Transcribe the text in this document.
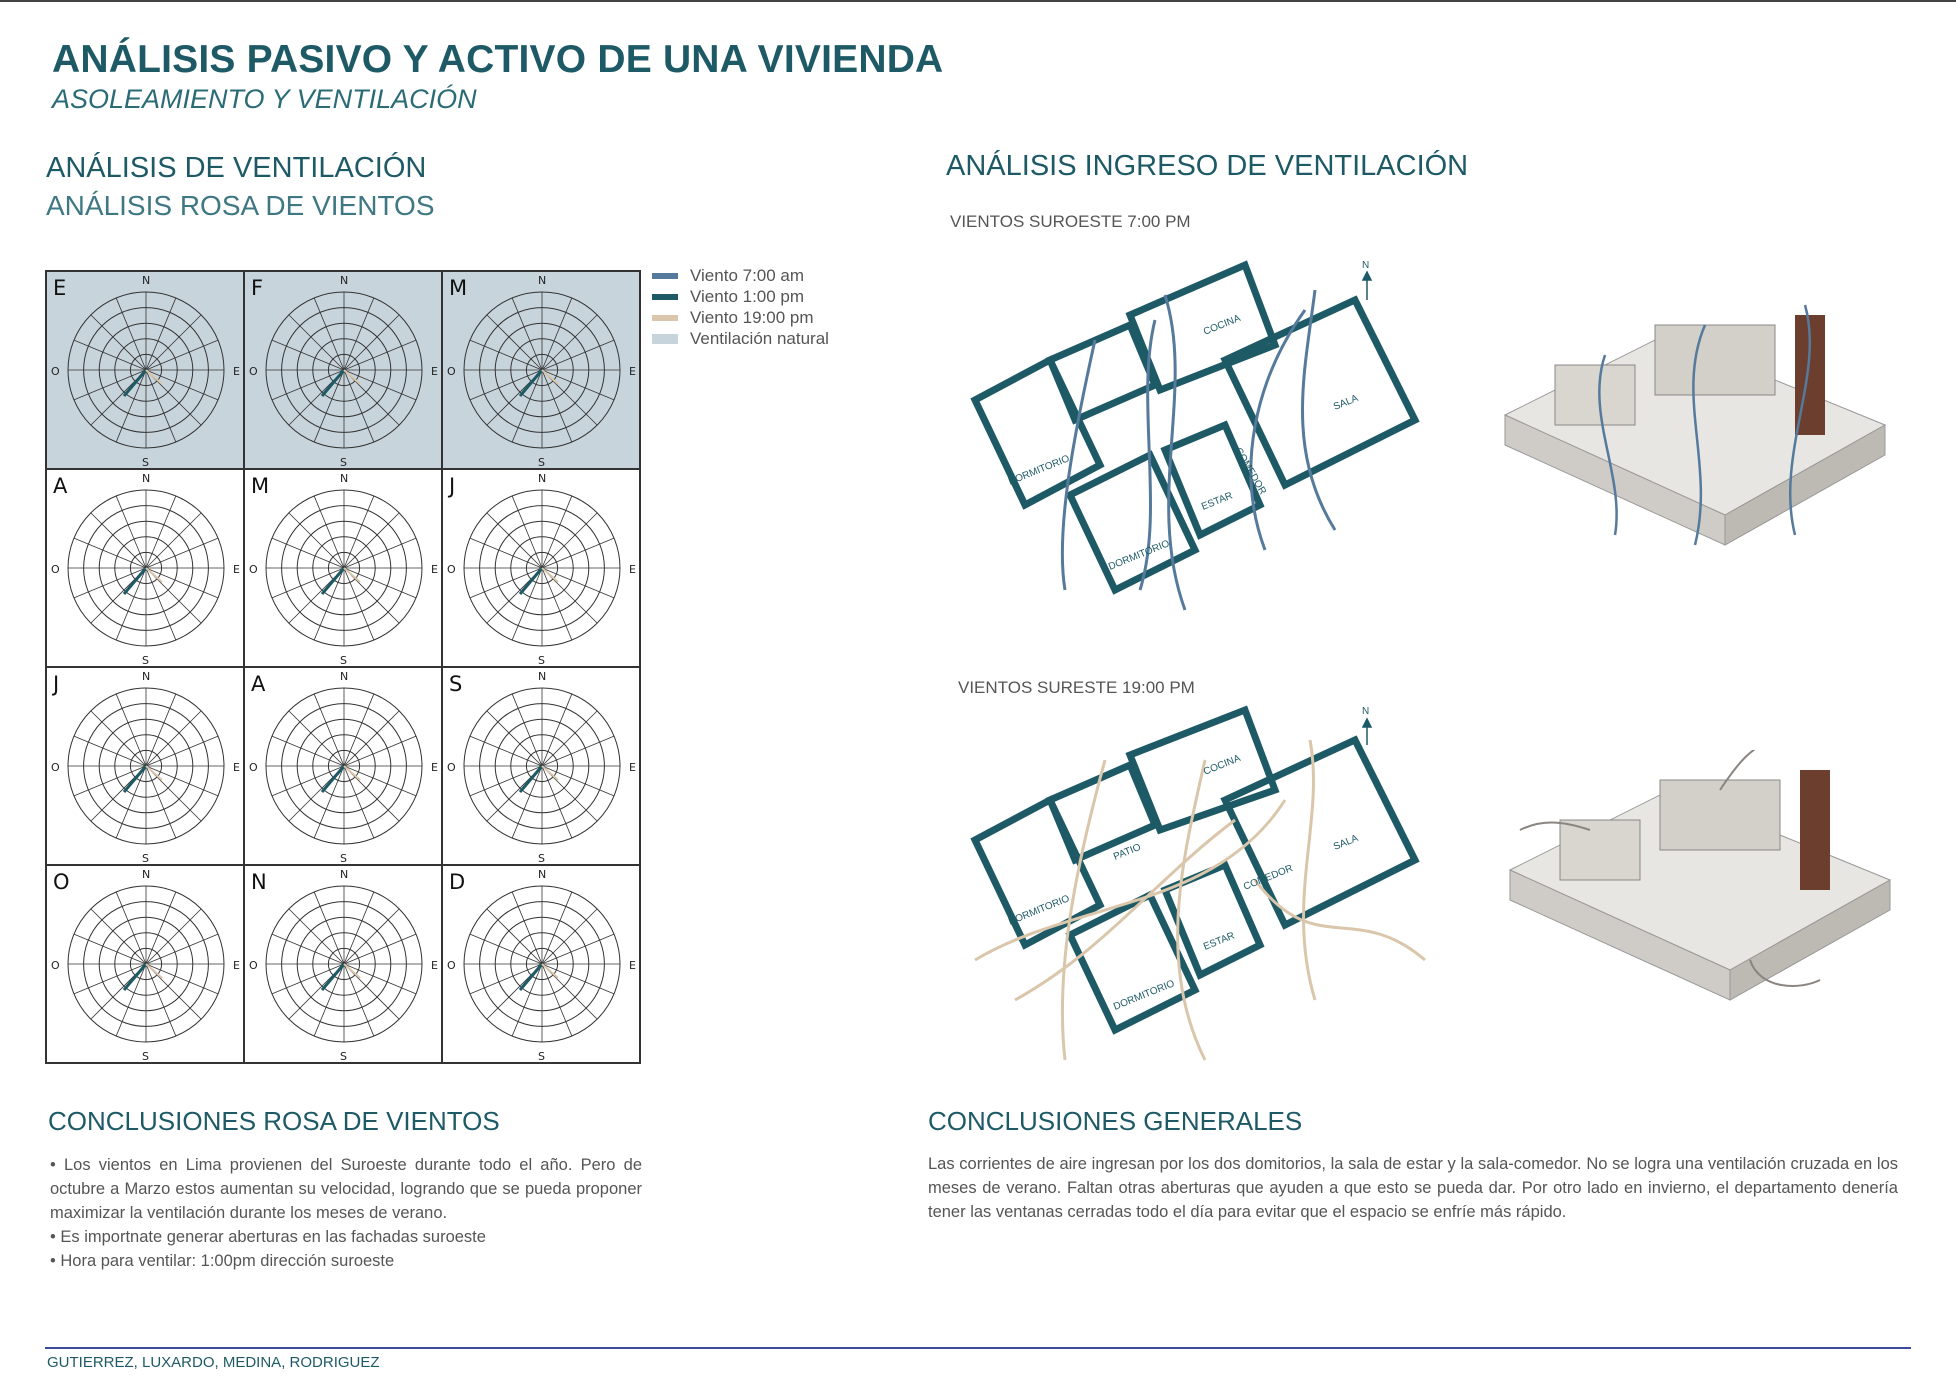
ANÁLISIS PASIVO Y ACTIVO DE UNA VIVIENDA
ASOLEAMIENTO Y VENTILACIÓN
ANÁLISIS DE VENTILACIÓN
ANÁLISIS ROSA DE VIENTOS
Viento 7:00 am
Viento 1:00 pm
Viento 19:00 pm
Ventilación natural
E	N
S
O	E
F	N
S
O	E
M	N
S
O	E
A	N
S
O	E
M	N
S
O	E
J	N
S
O	E
J	N
S
O	E
A	N
S
O	E
S	N
S
O	E
O	N
S
O	E
N	N
S
O	E
D	N
S
O	E
ANÁLISIS INGRESO DE VENTILACIÓN
VIENTOS SUROESTE 7:00 PM
VIENTOS SURESTE 19:00 PM
COCINA
SALA
COMEDOR
DORMITORIO
DORMITORIO
ESTAR
N
COCINA
SALA
COMEDOR
DORMITORIO
DORMITORIO
ESTAR
PATIO
N
CONCLUSIONES ROSA DE VIENTOS
• Los vientos en Lima provienen del Suroeste durante todo el año. Pero de octubre a Marzo estos aumentan su velocidad, logrando que se pueda proponer maximizar la ventilación durante los meses de verano.
• Es importnate generar aberturas en las fachadas suroeste
• Hora para ventilar: 1:00pm dirección suroeste
CONCLUSIONES GENERALES
Las corrientes de aire ingresan por los dos domitorios, la sala de estar y la sala-comedor. No se logra una ventilación cruzada en los meses de verano. Faltan otras aberturas que ayuden a que esto se pueda dar. Por otro lado en invierno, el departamento denería tener las ventanas cerradas todo el día para evitar que el espacio se enfríe más rápido.
GUTIERREZ, LUXARDO, MEDINA, RODRIGUEZ
